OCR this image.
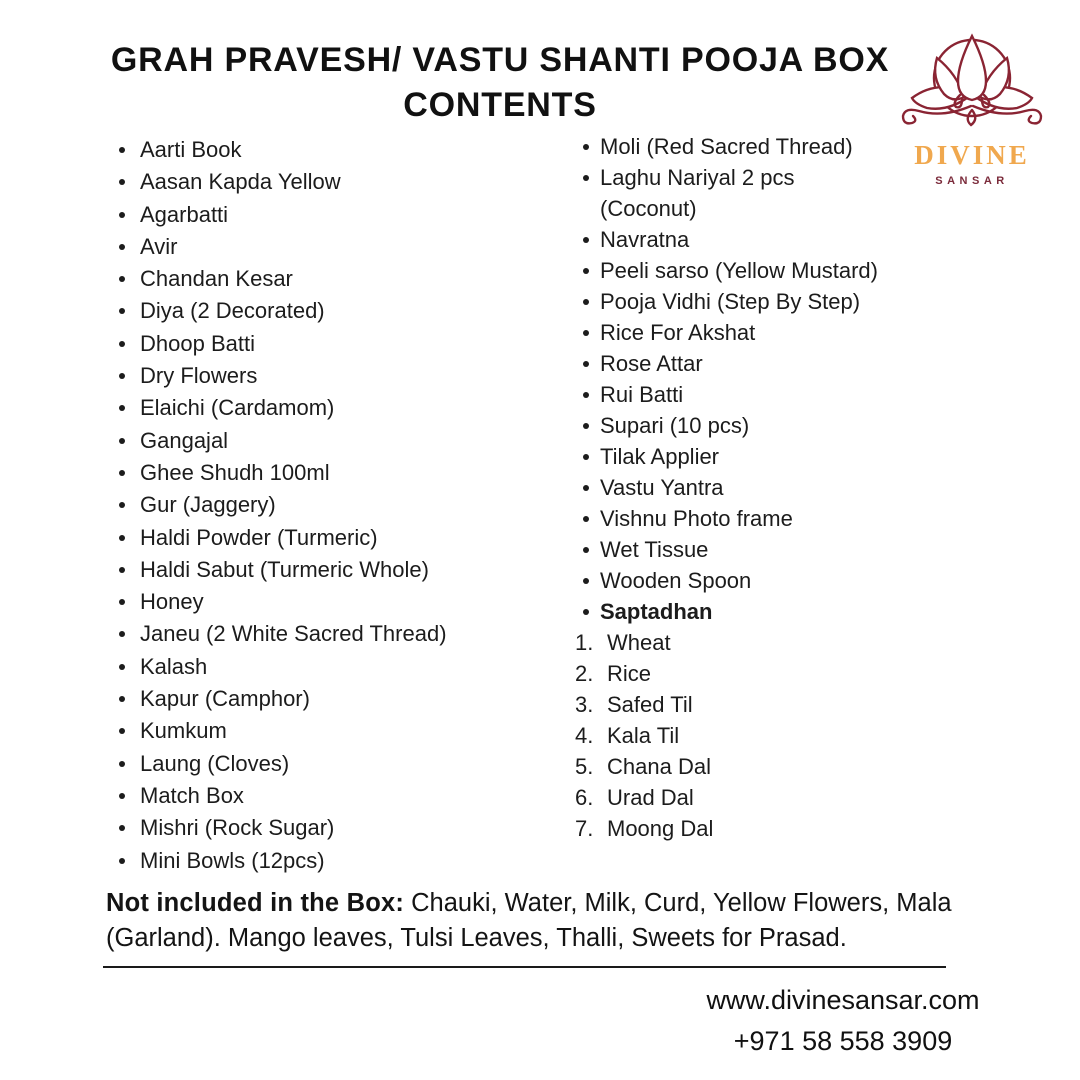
GRAH PRAVESH/ VASTU SHANTI POOJA BOX
CONTENTS
DIVINE
SANSAR
Aarti Book
Aasan Kapda Yellow
Agarbatti
Avir
Chandan Kesar
Diya (2 Decorated)
Dhoop Batti
Dry Flowers
Elaichi (Cardamom)
Gangajal
Ghee Shudh 100ml
Gur (Jaggery)
Haldi Powder (Turmeric)
Haldi Sabut (Turmeric Whole)
Honey
Janeu (2 White Sacred Thread)
Kalash
Kapur (Camphor)
Kumkum
Laung (Cloves)
Match Box
Mishri (Rock Sugar)
Mini Bowls (12pcs)
Moli (Red Sacred Thread)
Laghu Nariyal 2 pcs (Coconut)
Navratna
Peeli sarso (Yellow Mustard)
Pooja Vidhi (Step By Step)
Rice For Akshat
Rose Attar
Rui Batti
Supari (10 pcs)
Tilak Applier
Vastu Yantra
Vishnu Photo frame
Wet Tissue
Wooden Spoon
Saptadhan
Wheat
Rice
Safed Til
Kala Til
Chana Dal
Urad Dal
Moong Dal

Not included in the Box: Chauki, Water, Milk, Curd, Yellow Flowers, Mala (Garland). Mango leaves, Tulsi Leaves, Thalli, Sweets for Prasad.

www.divinesansar.com
+971 58 558 3909
